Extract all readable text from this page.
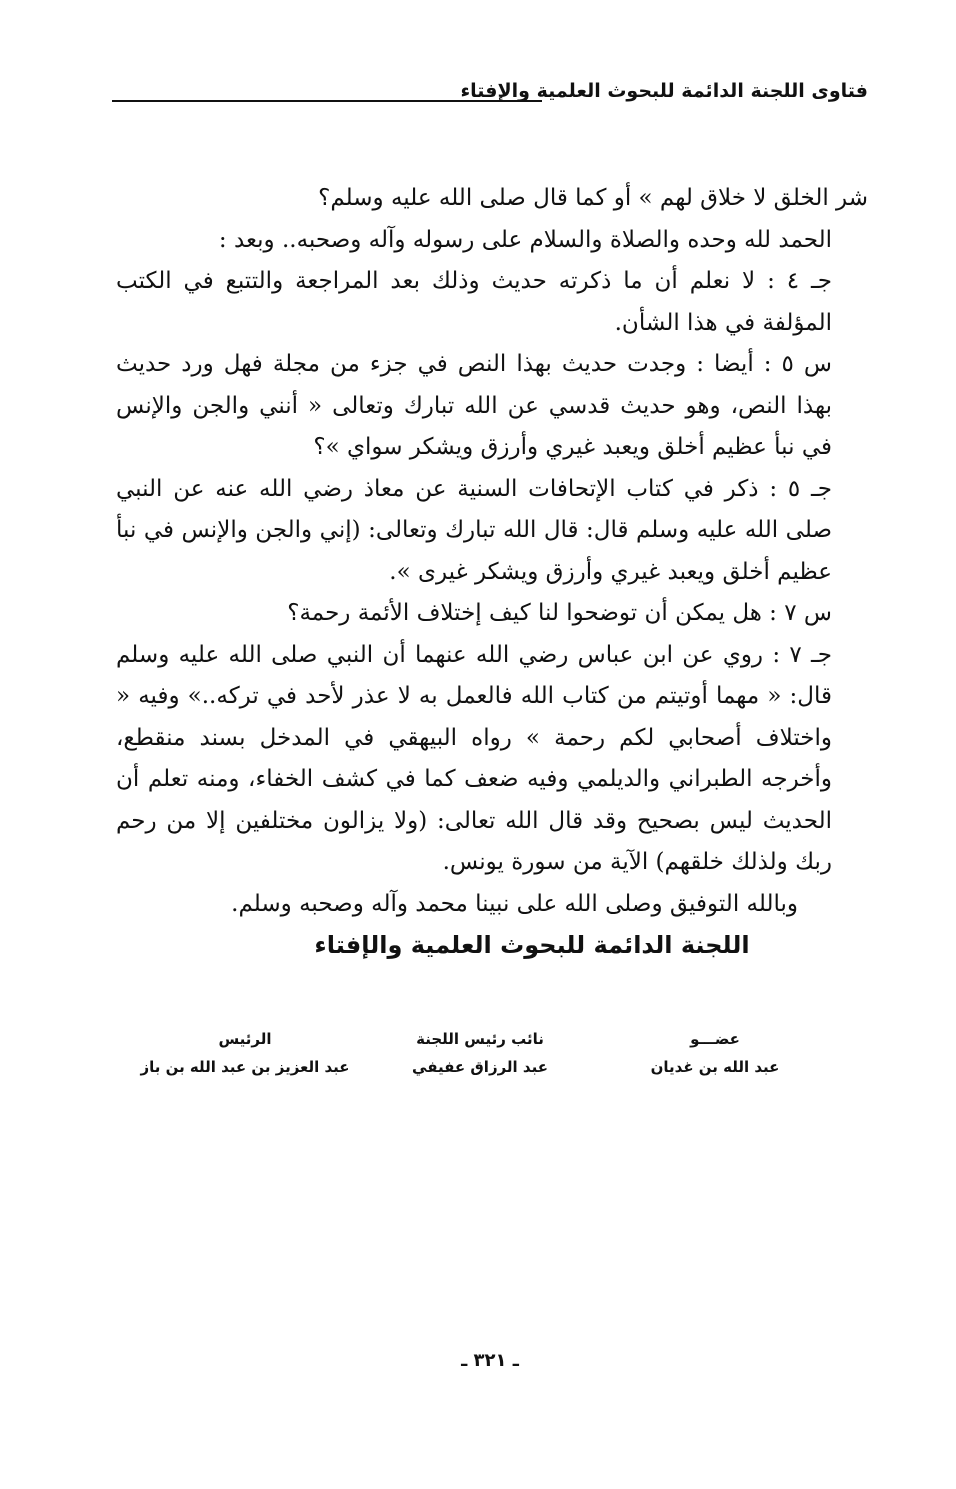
فتاوى اللجنة الدائمة للبحوث العلمية والإفتاء

شر الخلق لا خلاق لهم » أو كما قال صلى الله عليه وسلم؟

الحمد لله وحده والصلاة والسلام على رسوله وآله وصحبه.. وبعد :

جـ ٤ : لا نعلم أن ما ذكرته حديث وذلك بعد المراجعة والتتبع في الكتب المؤلفة في هذا الشأن.

س ٥ : أيضا : وجدت حديث بهذا النص في جزء من مجلة فهل ورد حديث بهذا النص، وهو حديث قدسي عن الله تبارك وتعالى « أنني والجن والإنس في نبأ عظيم أخلق ويعبد غيري وأرزق ويشكر سواي »؟

جـ ٥ : ذكر في كتاب الإتحافات السنية عن معاذ رضي الله عنه عن النبي صلى الله عليه وسلم قال: قال الله تبارك وتعالى: (إني والجن والإنس في نبأ عظيم أخلق ويعبد غيري وأرزق ويشكر غيرى ».

س ٧ : هل يمكن أن توضحوا لنا كيف إختلاف الأئمة رحمة؟

جـ ٧ : روي عن ابن عباس رضي الله عنهما أن النبي صلى الله عليه وسلم قال: « مهما أوتيتم من كتاب الله فالعمل به لا عذر لأحد في تركه..» وفيه « واختلاف أصحابي لكم رحمة » رواه البيهقي في المدخل بسند منقطع، وأخرجه الطبراني والديلمي وفيه ضعف كما في كشف الخفاء، ومنه تعلم أن الحديث ليس بصحيح وقد قال الله تعالى: (ولا يزالون مختلفين إلا من رحم ربك ولذلك خلقهم) الآية من سورة يونس.

وبالله التوفيق وصلى الله على نبينا محمد وآله وصحبه وسلم.

اللجنة الدائمة للبحوث العلمية والإفتاء

عضـــو
عبد الله بن غديان
نائب رئيس اللجنة
عبد الرزاق عفيفي
الرئيس
عبد العزيز بن عبد الله بن باز
ـ ٣٢١ ـ
